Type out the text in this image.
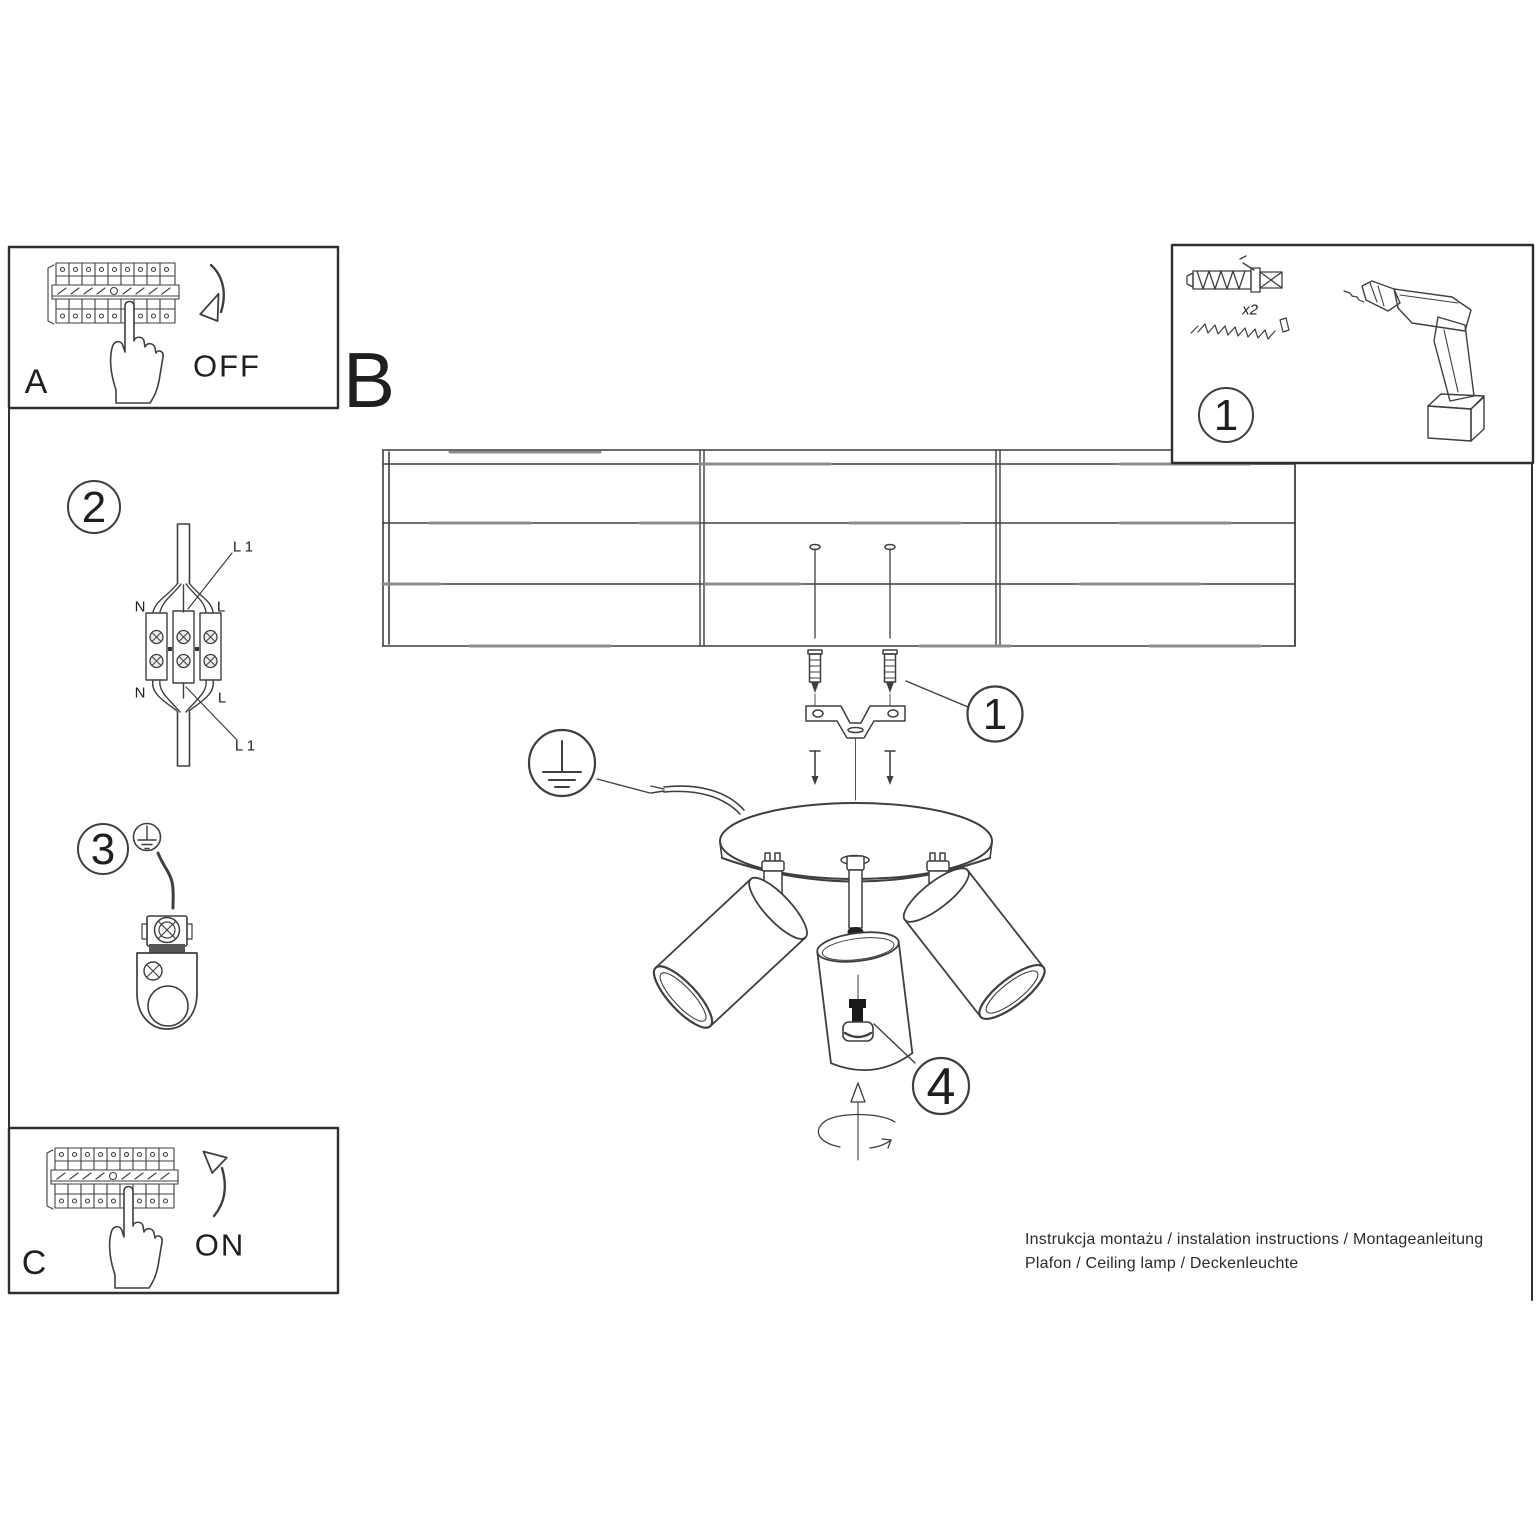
A	OFF B
C	ON
1
x2
2
3
1
4
L 1
N	L
N	L
L 1
Instrukcja montażu / instalation instructions / Montageanleitung
Plafon / Ceiling lamp / Deckenleuchte
